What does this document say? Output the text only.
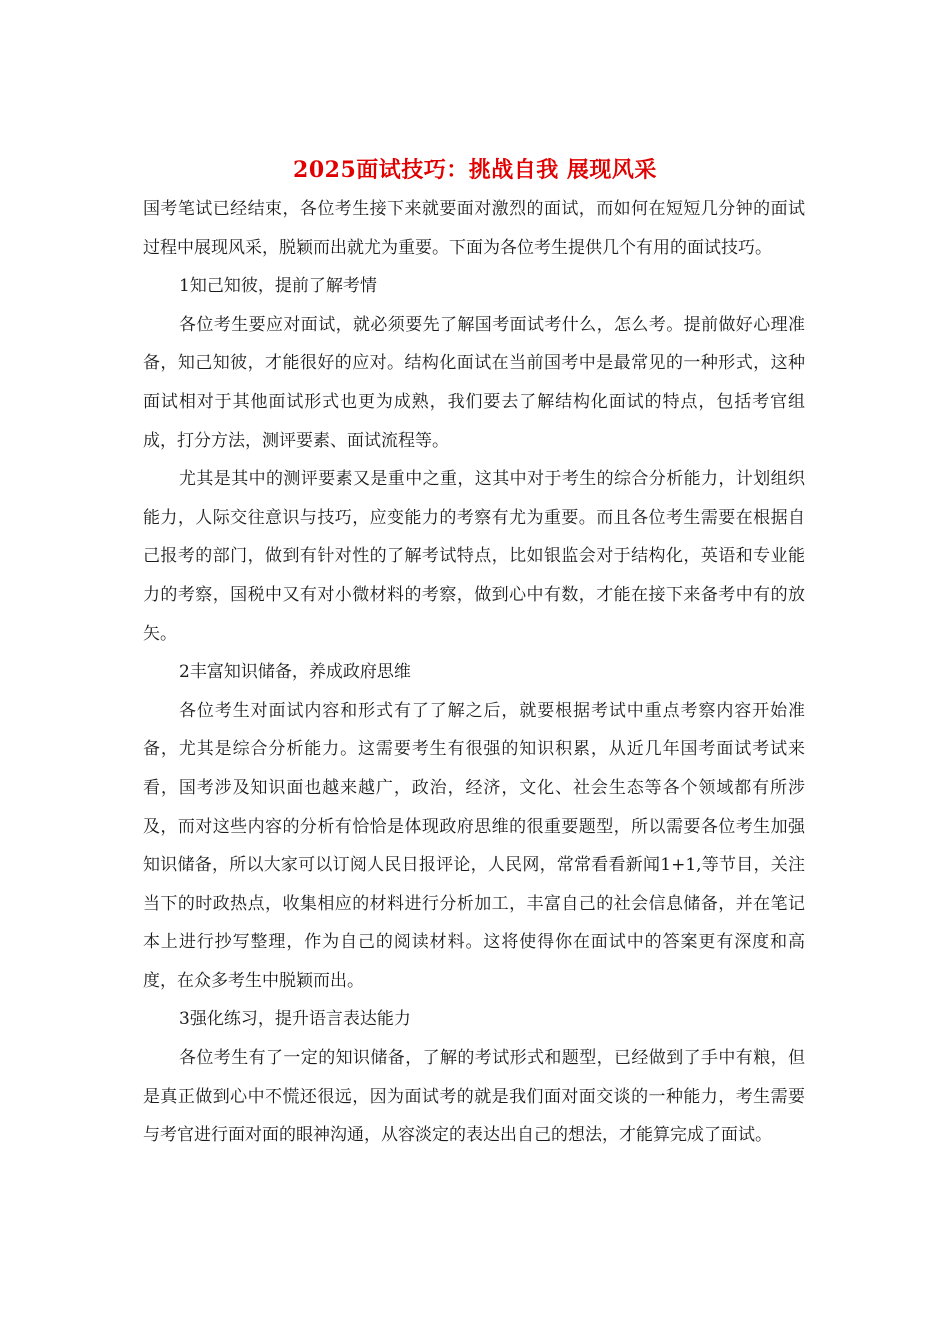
2025面试技巧：挑战自我 展现风采

国考笔试已经结束，各位考生接下来就要面对激烈的面试，而如何在短短几分钟的面试过程中展现风采，脱颖而出就尤为重要。下面为各位考生提供几个有用的面试技巧。

1知己知彼，提前了解考情

各位考生要应对面试，就必须要先了解国考面试考什么，怎么考。提前做好心理准备，知己知彼，才能很好的应对。结构化面试在当前国考中是最常见的一种形式，这种面试相对于其他面试形式也更为成熟，我们要去了解结构化面试的特点，包括考官组成，打分方法，测评要素、面试流程等。

尤其是其中的测评要素又是重中之重，这其中对于考生的综合分析能力，计划组织能力，人际交往意识与技巧，应变能力的考察有尤为重要。而且各位考生需要在根据自己报考的部门，做到有针对性的了解考试特点，比如银监会对于结构化，英语和专业能力的考察，国税中又有对小微材料的考察，做到心中有数，才能在接下来备考中有的放矢。

2丰富知识储备，养成政府思维

各位考生对面试内容和形式有了了解之后，就要根据考试中重点考察内容开始准备，尤其是综合分析能力。这需要考生有很强的知识积累，从近几年国考面试考试来看，国考涉及知识面也越来越广，政治，经济，文化、社会生态等各个领域都有所涉及，而对这些内容的分析有恰恰是体现政府思维的很重要题型，所以需要各位考生加强知识储备，所以大家可以订阅人民日报评论，人民网，常常看看新闻1+1,等节目，关注当下的时政热点，收集相应的材料进行分析加工，丰富自己的社会信息储备，并在笔记本上进行抄写整理，作为自己的阅读材料。这将使得你在面试中的答案更有深度和高度，在众多考生中脱颖而出。

3强化练习，提升语言表达能力

各位考生有了一定的知识储备，了解的考试形式和题型，已经做到了手中有粮，但是真正做到心中不慌还很远，因为面试考的就是我们面对面交谈的一种能力，考生需要与考官进行面对面的眼神沟通，从容淡定的表达出自己的想法，才能算完成了面试。
